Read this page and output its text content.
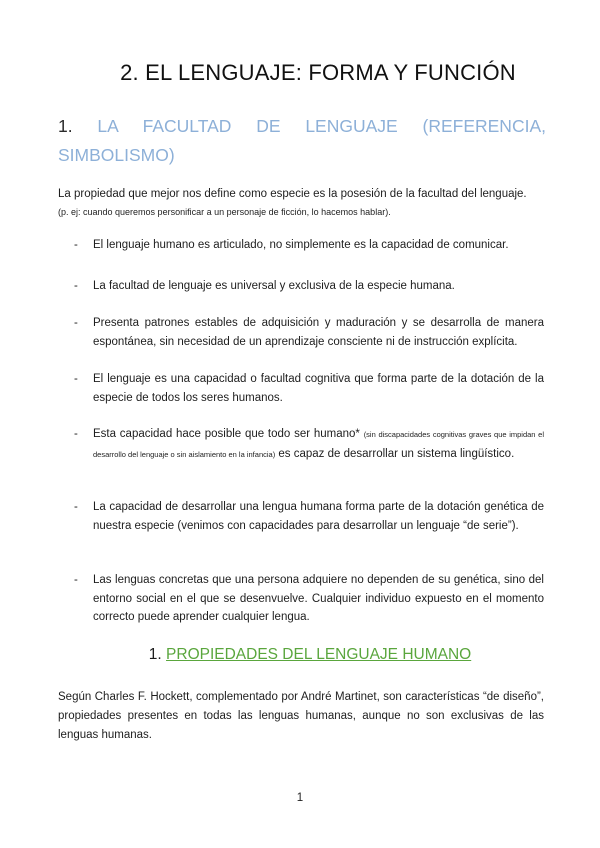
2. EL LENGUAJE: FORMA Y FUNCIÓN
1. LA FACULTAD DE LENGUAJE (REFERENCIA,
SIMBOLISMO)
La propiedad que mejor nos define como especie es la posesión de la facultad del lenguaje.
(p. ej: cuando queremos personificar a un personaje de ficción, lo hacemos hablar).
- El lenguaje humano es articulado, no simplemente es la capacidad de comunicar.
- La facultad de lenguaje es universal y exclusiva de la especie humana.
- Presenta patrones estables de adquisición y maduración y se desarrolla de manera espontánea, sin necesidad de un aprendizaje consciente ni de instrucción explícita.
- El lenguaje es una capacidad o facultad cognitiva que forma parte de la dotación de la especie de todos los seres humanos.
- Esta capacidad hace posible que todo ser humano* (sin discapacidades cognitivas graves que impidan el desarrollo del lenguaje o sin aislamiento en la infancia) es capaz de desarrollar un sistema lingüístico.
- La capacidad de desarrollar una lengua humana forma parte de la dotación genética de nuestra especie (venimos con capacidades para desarrollar un lenguaje “de serie”).
- Las lenguas concretas que una persona adquiere no dependen de su genética, sino del entorno social en el que se desenvuelve. Cualquier individuo expuesto en el momento correcto puede aprender cualquier lengua.
1. PROPIEDADES DEL LENGUAJE HUMANO
Según Charles F. Hockett, complementado por André Martinet, son características “de diseño”, propiedades presentes en todas las lenguas humanas, aunque no son exclusivas de las lenguas humanas.
1
